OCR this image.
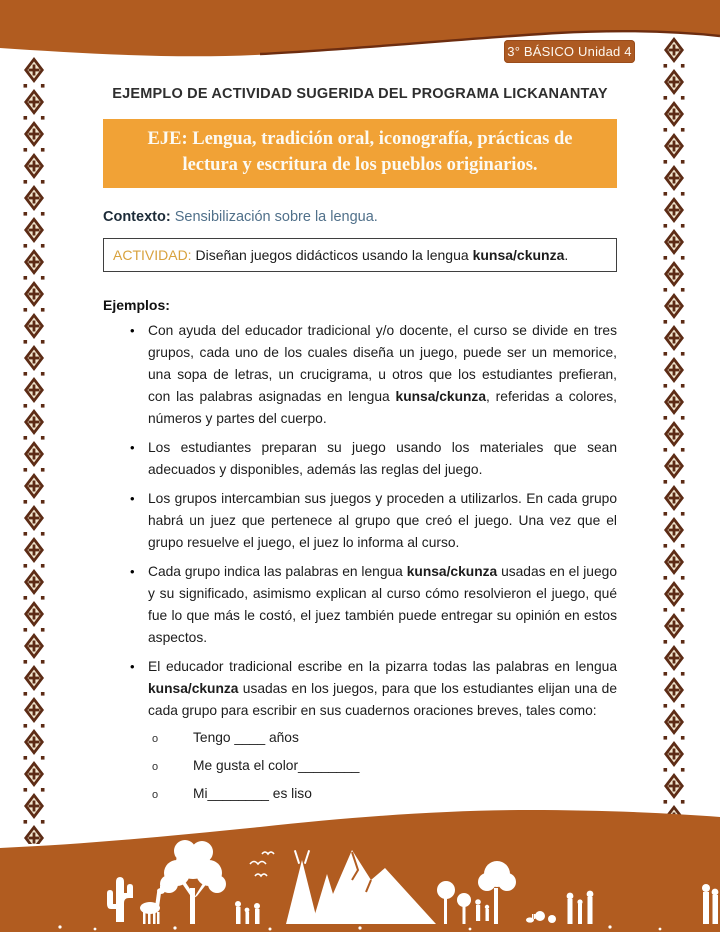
3° BÁSICO Unidad 4
EJEMPLO DE ACTIVIDAD SUGERIDA DEL PROGRAMA LICKANANTAY
EJE: Lengua, tradición oral, iconografía, prácticas de lectura y escritura de los pueblos originarios.
Contexto: Sensibilización sobre la lengua.
ACTIVIDAD: Diseñan juegos didácticos usando la lengua kunsa/ckunza.
Ejemplos:
• Con ayuda del educador tradicional y/o docente, el curso se divide en tres grupos, cada uno de los cuales diseña un juego, puede ser un memorice, una sopa de letras, un crucigrama, u otros que los estudiantes prefieran, con las palabras asignadas en lengua kunsa/ckunza, referidas a colores, números y partes del cuerpo.
• Los estudiantes preparan su juego usando los materiales que sean adecuados y disponibles, además las reglas del juego.
• Los grupos intercambian sus juegos y proceden a utilizarlos. En cada grupo habrá un juez que pertenece al grupo que creó el juego. Una vez que el grupo resuelve el juego, el juez lo informa al curso.
• Cada grupo indica las palabras en lengua kunsa/ckunza usadas en el juego y su significado, asimismo explican al curso cómo resolvieron el juego, qué fue lo que más le costó, el juez también puede entregar su opinión en estos aspectos.
• El educador tradicional escribe en la pizarra todas las palabras en lengua kunsa/ckunza usadas en los juegos, para que los estudiantes elijan una de cada grupo para escribir en sus cuadernos oraciones breves, tales como:
o	Tengo ____ años
o	Me gusta el color________
o	Mi________ es liso
